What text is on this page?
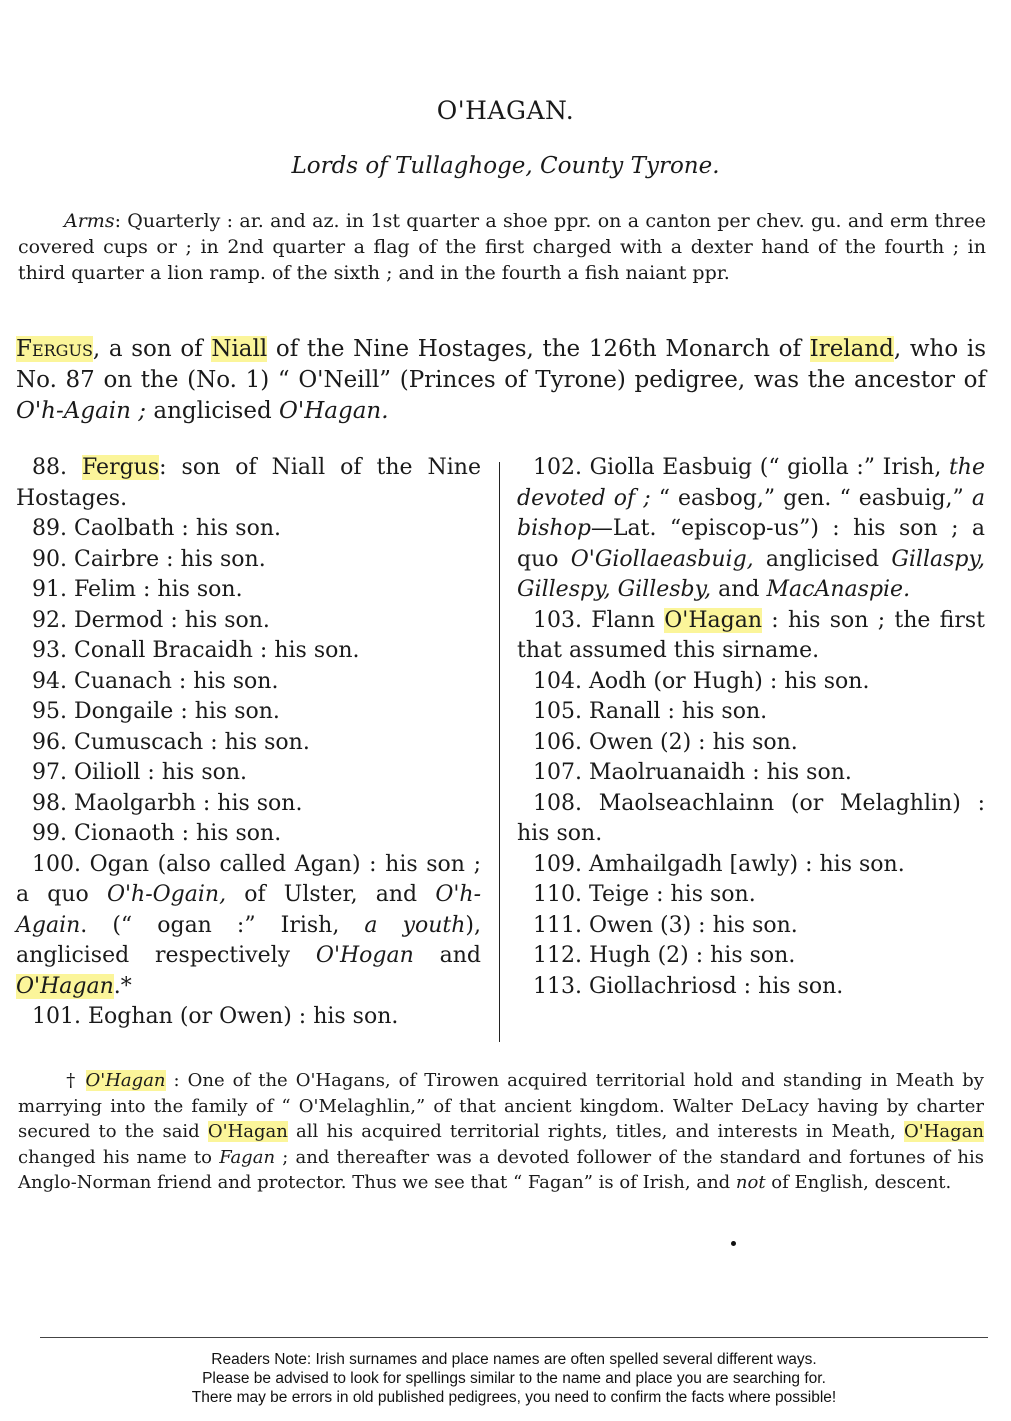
O'HAGAN.
Lords of Tullaghoge, County Tyrone.
Arms: Quarterly : ar. and az. in 1st quarter a shoe ppr. on a canton per chev. gu. and erm three covered cups or ; in 2nd quarter a flag of the first charged with a dexter hand of the fourth ; in third quarter a lion ramp. of the sixth ; and in the fourth a fish naiant ppr.
Fergus, a son of Niall of the Nine Hostages, the 126th Monarch of Ireland, who is No. 87 on the (No. 1) “ O'Neill” (Princes of Tyrone) pedigree, was the ancestor of O'h-Again ; anglicised O'Hagan.

88. Fergus: son of Niall of the Nine Hostages.

89. Caolbath : his son.

90. Cairbre : his son.

91. Felim : his son.

92. Dermod : his son.

93. Conall Bracaidh : his son.

94. Cuanach : his son.

95. Dongaile : his son.

96. Cumuscach : his son.

97. Oilioll : his son.

98. Maolgarbh : his son.

99. Cionaoth : his son.

100. Ogan (also called Agan) : his son ; a quo O'h-Ogain, of Ulster, and O'h-Again. (“ ogan :” Irish, a youth), anglicised respectively O'Hogan and O'Hagan.*

101. Eoghan (or Owen) : his son.

102. Giolla Easbuig (“ giolla :” Irish, the devoted of ; “ easbog,” gen. “ easbuig,” a bishop—Lat. “episcop-us”) : his son ; a quo O'Giollaeasbuig, anglicised Gillaspy, Gillespy, Gillesby, and MacAnaspie.

103. Flann O'Hagan : his son ; the first that assumed this sirname.

104. Aodh (or Hugh) : his son.

105. Ranall : his son.

106. Owen (2) : his son.

107. Maolruanaidh : his son.

108. Maolseachlainn (or Melaghlin) : his son.

109. Amhailgadh [awly) : his son.

110. Teige : his son.

111. Owen (3) : his son.

112. Hugh (2) : his son.

113. Giollachriosd : his son.

† O'Hagan : One of the O'Hagans, of Tirowen acquired territorial hold and standing in Meath by marrying into the family of “ O'Melaghlin,” of that ancient kingdom. Walter DeLacy having by charter secured to the said O'Hagan all his acquired territorial rights, titles, and interests in Meath, O'Hagan changed his name to Fagan ; and thereafter was a devoted follower of the standard and fortunes of his Anglo-Norman friend and protector. Thus we see that “ Fagan” is of Irish, and not of English, descent.
Readers Note: Irish surnames and place names are often spelled several different ways.
Please be advised to look for spellings similar to the name and place you are searching for.
There may be errors in old published pedigrees, you need to confirm the facts where possible!
